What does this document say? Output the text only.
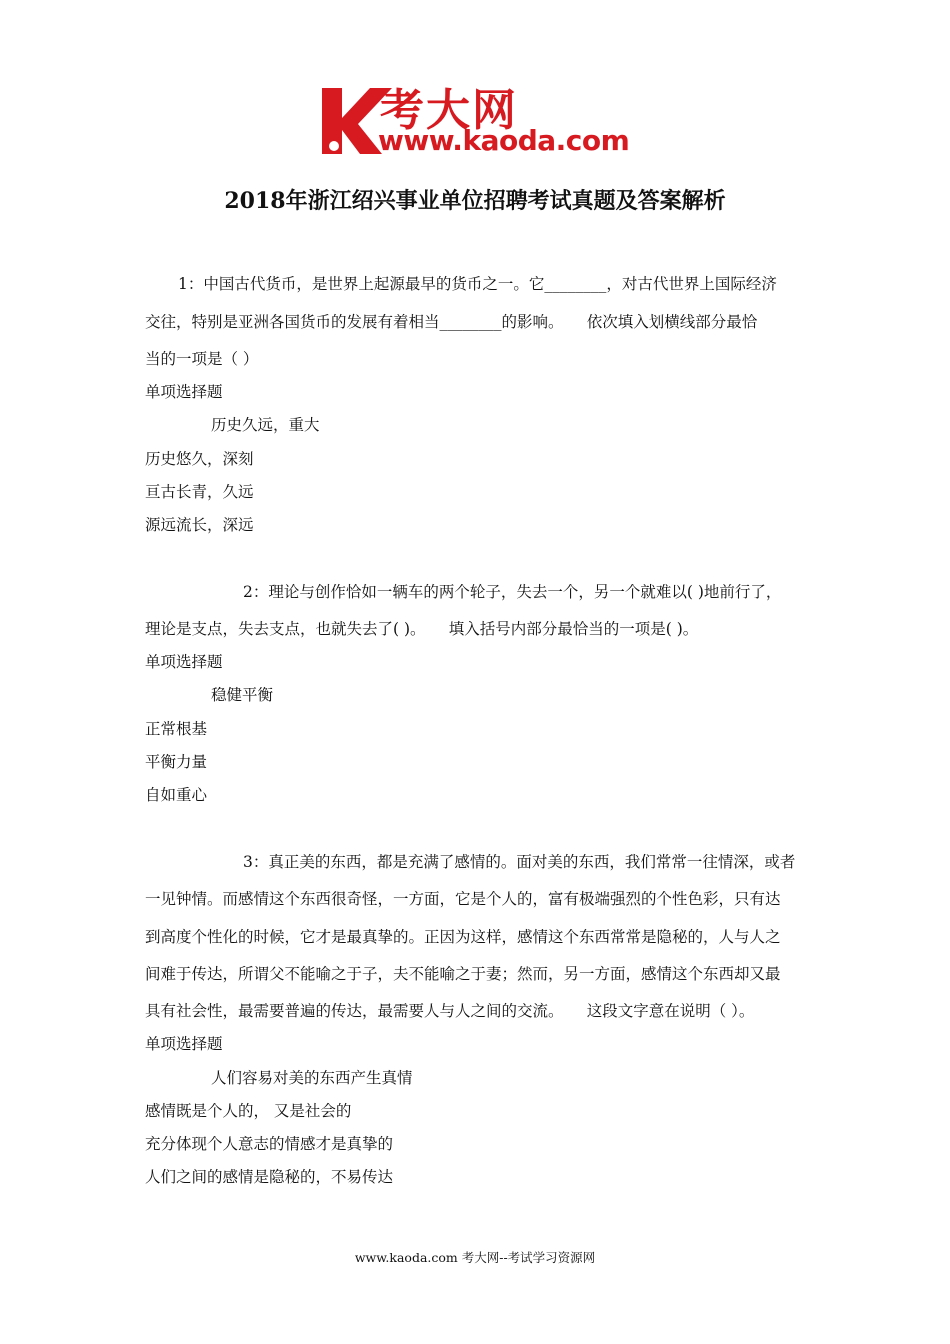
考大网
www.kaoda.com
2018年浙江绍兴事业单位招聘考试真题及答案解析
1：中国古代货币，是世界上起源最早的货币之一。它________，对古代世界上国际经济
交往，特别是亚洲各国货币的发展有着相当________的影响。　　依次填入划横线部分最恰
当的一项是（ ）
单项选择题
历史久远，重大
历史悠久，深刻
亘古长青，久远
源远流长，深远
2：理论与创作恰如一辆车的两个轮子，失去一个，另一个就难以( )地前行了，
理论是支点，失去支点，也就失去了( )。　　填入括号内部分最恰当的一项是( )。
单项选择题
稳健平衡
正常根基
平衡力量
自如重心
3：真正美的东西，都是充满了感情的。面对美的东西，我们常常一往情深，或者
一见钟情。而感情这个东西很奇怪，一方面，它是个人的，富有极端强烈的个性色彩，只有达
到高度个性化的时候，它才是最真挚的。正因为这样，感情这个东西常常是隐秘的，人与人之
间难于传达，所谓父不能喻之于子，夫不能喻之于妻；然而，另一方面，感情这个东西却又最
具有社会性，最需要普遍的传达，最需要人与人之间的交流。　　这段文字意在说明（ ）。
单项选择题
人们容易对美的东西产生真情
感情既是个人的， 又是社会的
充分体现个人意志的情感才是真挚的
人们之间的感情是隐秘的，不易传达
www.kaoda.com 考大网--考试学习资源网
